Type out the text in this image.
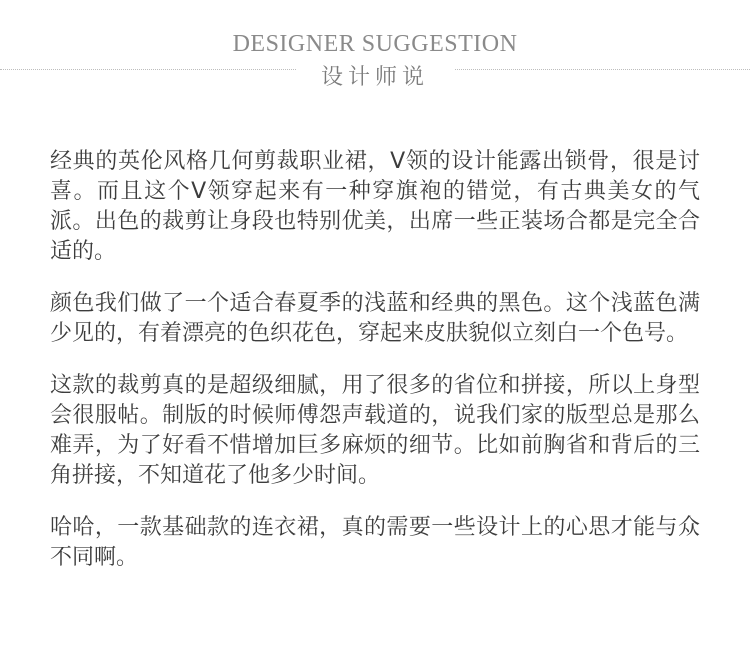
DESIGNER SUGGESTION
设计师说

经典的英伦风格几何剪裁职业裙，V领的设计能露出锁骨，很是讨喜。而且这个V领穿起来有一种穿旗袍的错觉，有古典美女的气派。出色的裁剪让身段也特别优美，出席一些正装场合都是完全合适的。

颜色我们做了一个适合春夏季的浅蓝和经典的黑色。这个浅蓝色满少见的，有着漂亮的色织花色，穿起来皮肤貌似立刻白一个色号。

这款的裁剪真的是超级细腻，用了很多的省位和拼接，所以上身型会很服帖。制版的时候师傅怨声载道的，说我们家的版型总是那么难弄，为了好看不惜增加巨多麻烦的细节。比如前胸省和背后的三角拼接，不知道花了他多少时间。

哈哈，一款基础款的连衣裙，真的需要一些设计上的心思才能与众不同啊。
